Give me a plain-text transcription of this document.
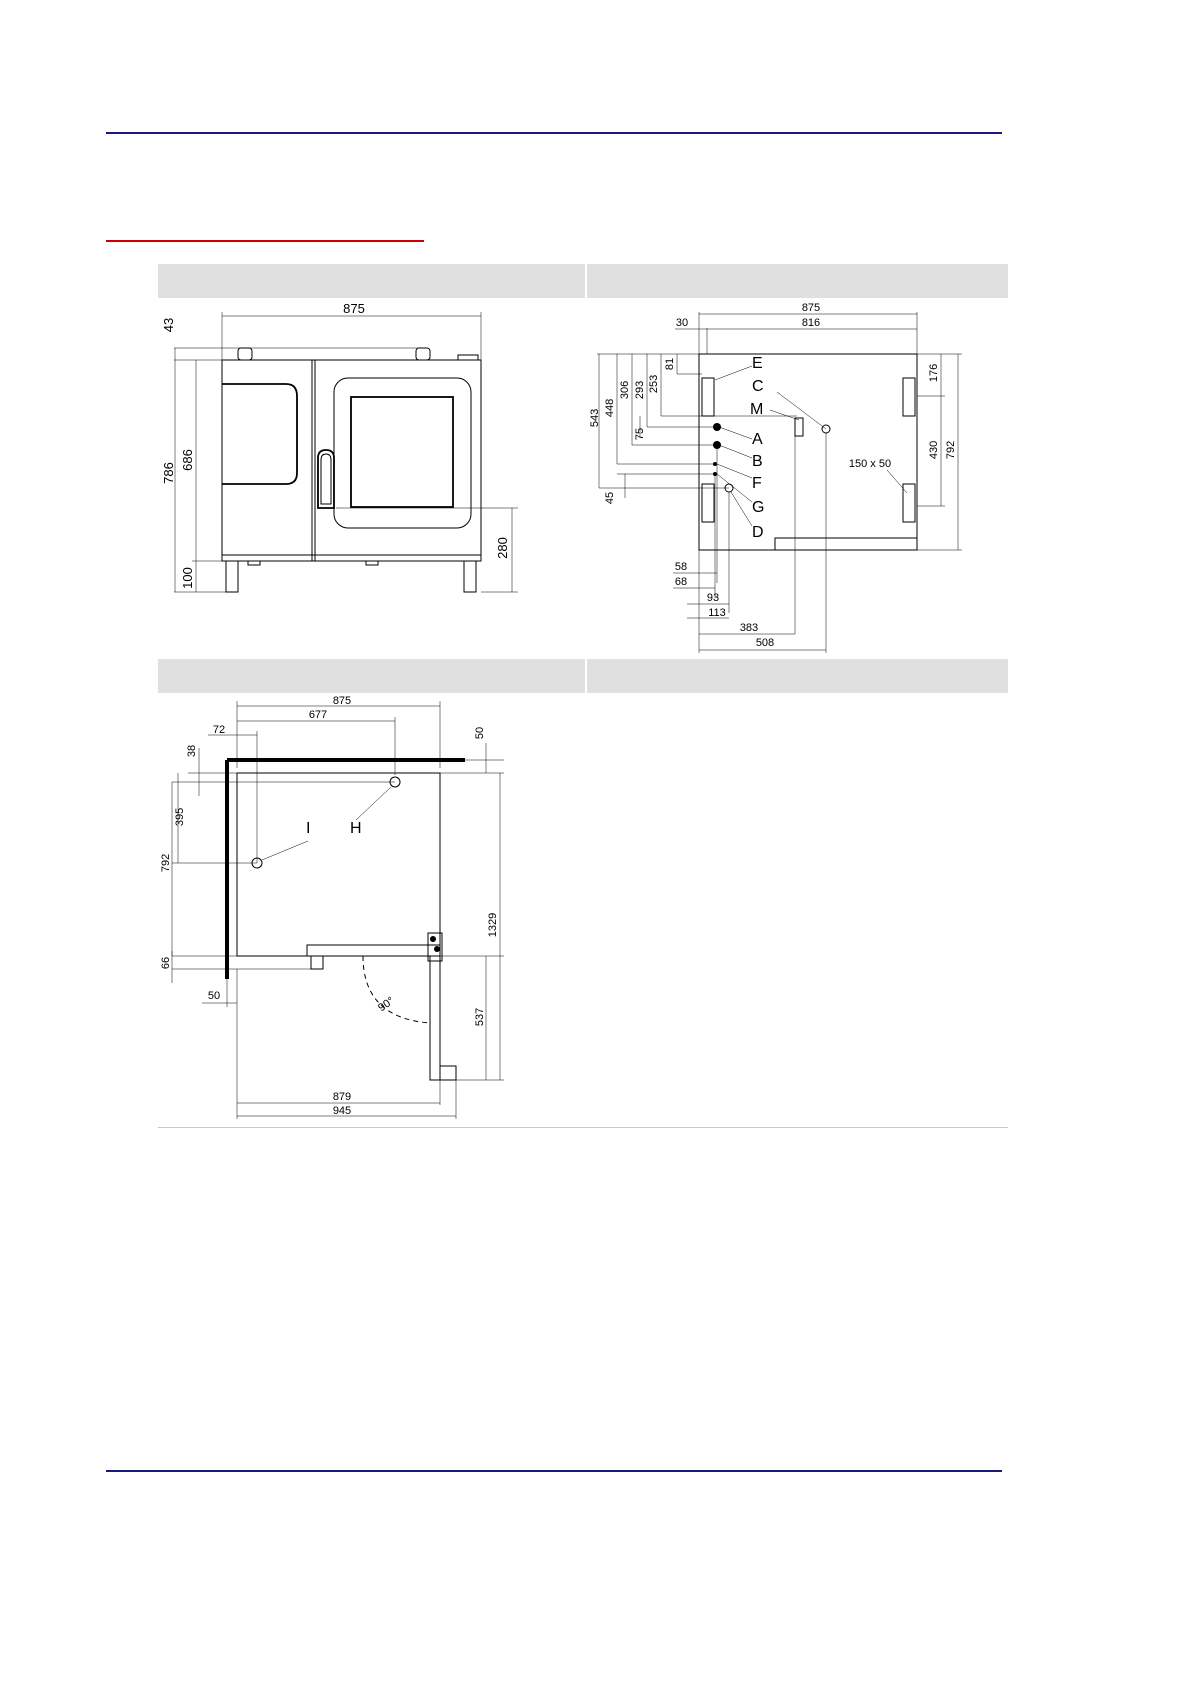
875
43
786
686
100
280
875
816
30
543
448
306 293 253
81
75
45
176
430 792
150 x 50
E
C
M
A
B
F
G
D
58
68
93
113
383
508
875
677
72
90°
I H
38
395
792
66
50
50
1329
537
879
945
